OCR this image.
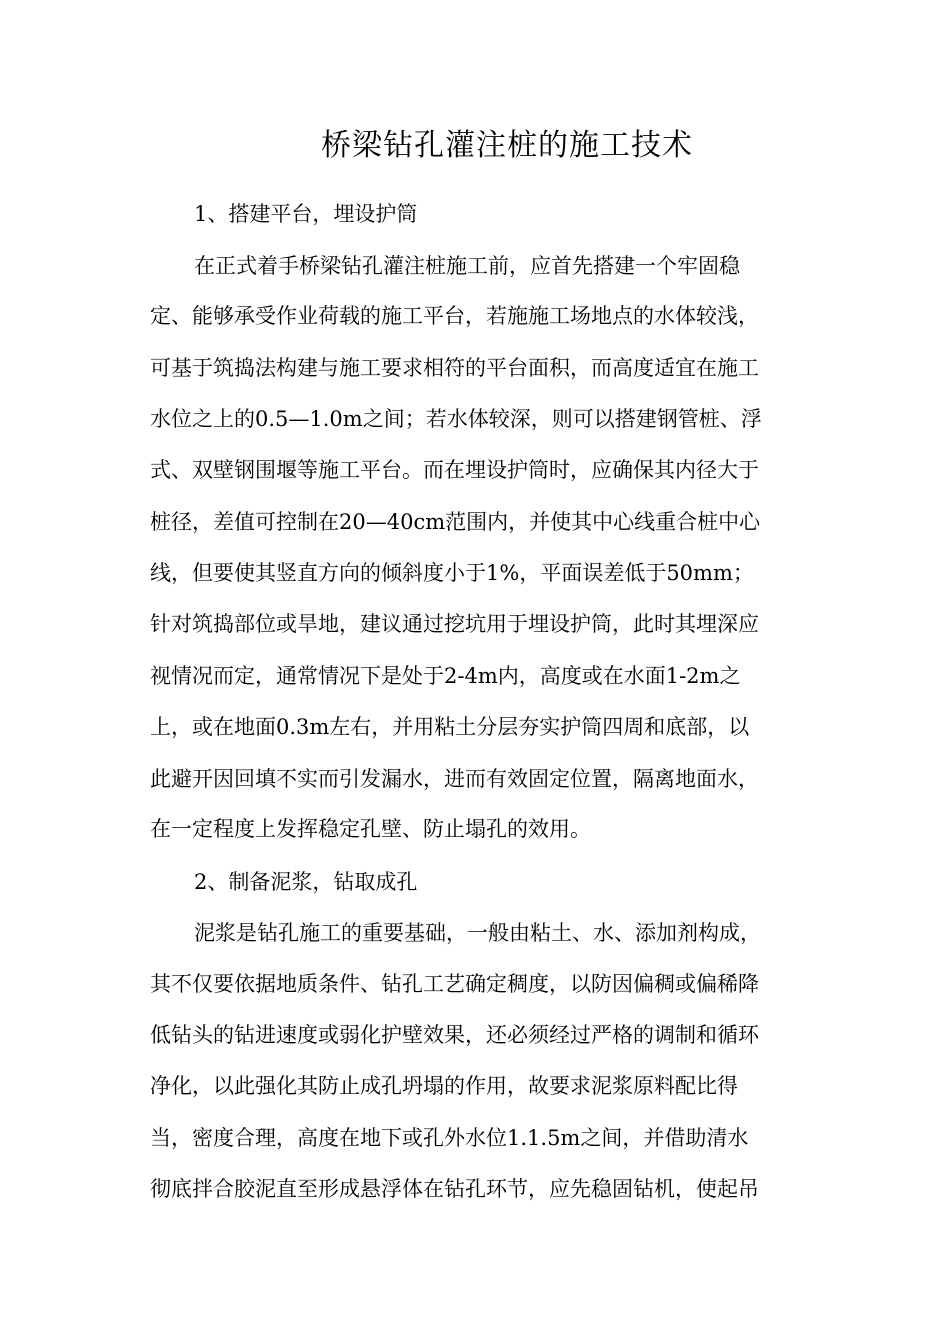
桥梁钻孔灌注桩的施工技术

1、搭建平台，埋设护筒

在正式着手桥梁钻孔灌注桩施工前，应首先搭建一个牢固稳

定、能够承受作业荷载的施工平台，若施施工场地点的水体较浅，

可基于筑捣法构建与施工要求相符的平台面积，而高度适宜在施工

水位之上的0.5—1.0m之间；若水体较深，则可以搭建钢管桩、浮

式、双壁钢围堰等施工平台。而在埋设护筒时，应确保其内径大于

桩径，差值可控制在20—40cm范围内，并使其中心线重合桩中心

线，但要使其竖直方向的倾斜度小于1%，平面误差低于50mm；

针对筑捣部位或旱地，建议通过挖坑用于埋设护筒，此时其埋深应

视情况而定，通常情况下是处于2-4m内，高度或在水面1-2m之

上，或在地面0.3m左右，并用粘土分层夯实护筒四周和底部，以

此避开因回填不实而引发漏水，进而有效固定位置，隔离地面水，

在一定程度上发挥稳定孔壁、防止塌孔的效用。

2、制备泥浆，钻取成孔

泥浆是钻孔施工的重要基础，一般由粘土、水、添加剂构成，

其不仅要依据地质条件、钻孔工艺确定稠度，以防因偏稠或偏稀降

低钻头的钻进速度或弱化护壁效果，还必须经过严格的调制和循环

净化，以此强化其防止成孔坍塌的作用，故要求泥浆原料配比得

当，密度合理，高度在地下或孔外水位1.1.5m之间，并借助清水

彻底拌合胶泥直至形成悬浮体在钻孔环节，应先稳固钻机，使起吊
